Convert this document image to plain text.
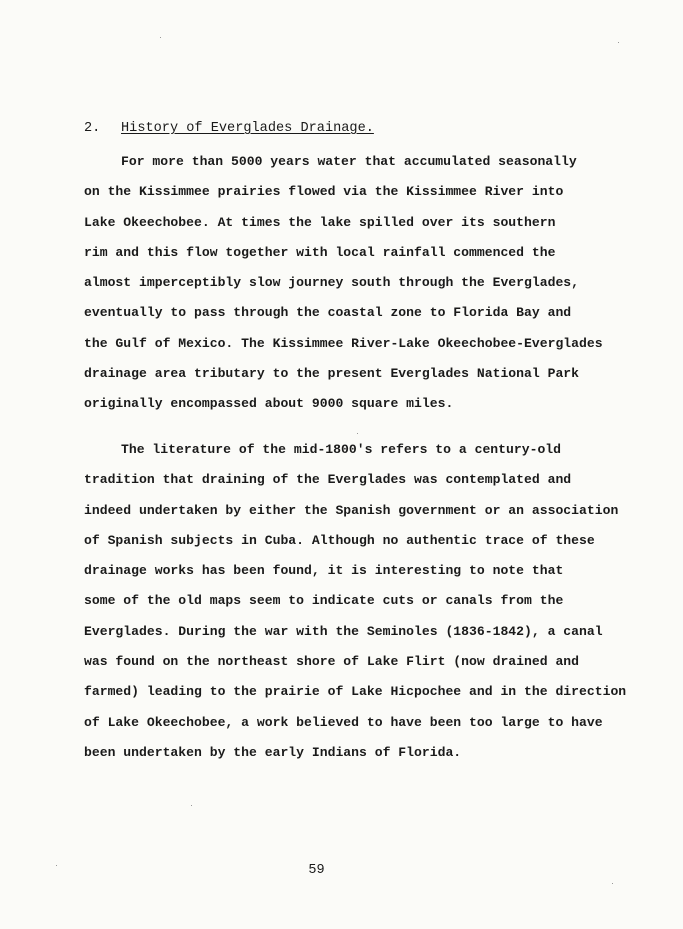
2. History of Everglades Drainage.
For more than 5000 years water that accumulated seasonally
on the Kissimmee prairies flowed via the Kissimmee River into
Lake Okeechobee. At times the lake spilled over its southern
rim and this flow together with local rainfall commenced the
almost imperceptibly slow journey south through the Everglades,
eventually to pass through the coastal zone to Florida Bay and
the Gulf of Mexico. The Kissimmee River-Lake Okeechobee-Everglades
drainage area tributary to the present Everglades National Park
originally encompassed about 9000 square miles.
The literature of the mid-1800's refers to a century-old
tradition that draining of the Everglades was contemplated and
indeed undertaken by either the Spanish government or an association
of Spanish subjects in Cuba. Although no authentic trace of these
drainage works has been found, it is interesting to note that
some of the old maps seem to indicate cuts or canals from the
Everglades. During the war with the Seminoles (1836-1842), a canal
was found on the northeast shore of Lake Flirt (now drained and
farmed) leading to the prairie of Lake Hicpochee and in the direction
of Lake Okeechobee, a work believed to have been too large to have
been undertaken by the early Indians of Florida.
59
